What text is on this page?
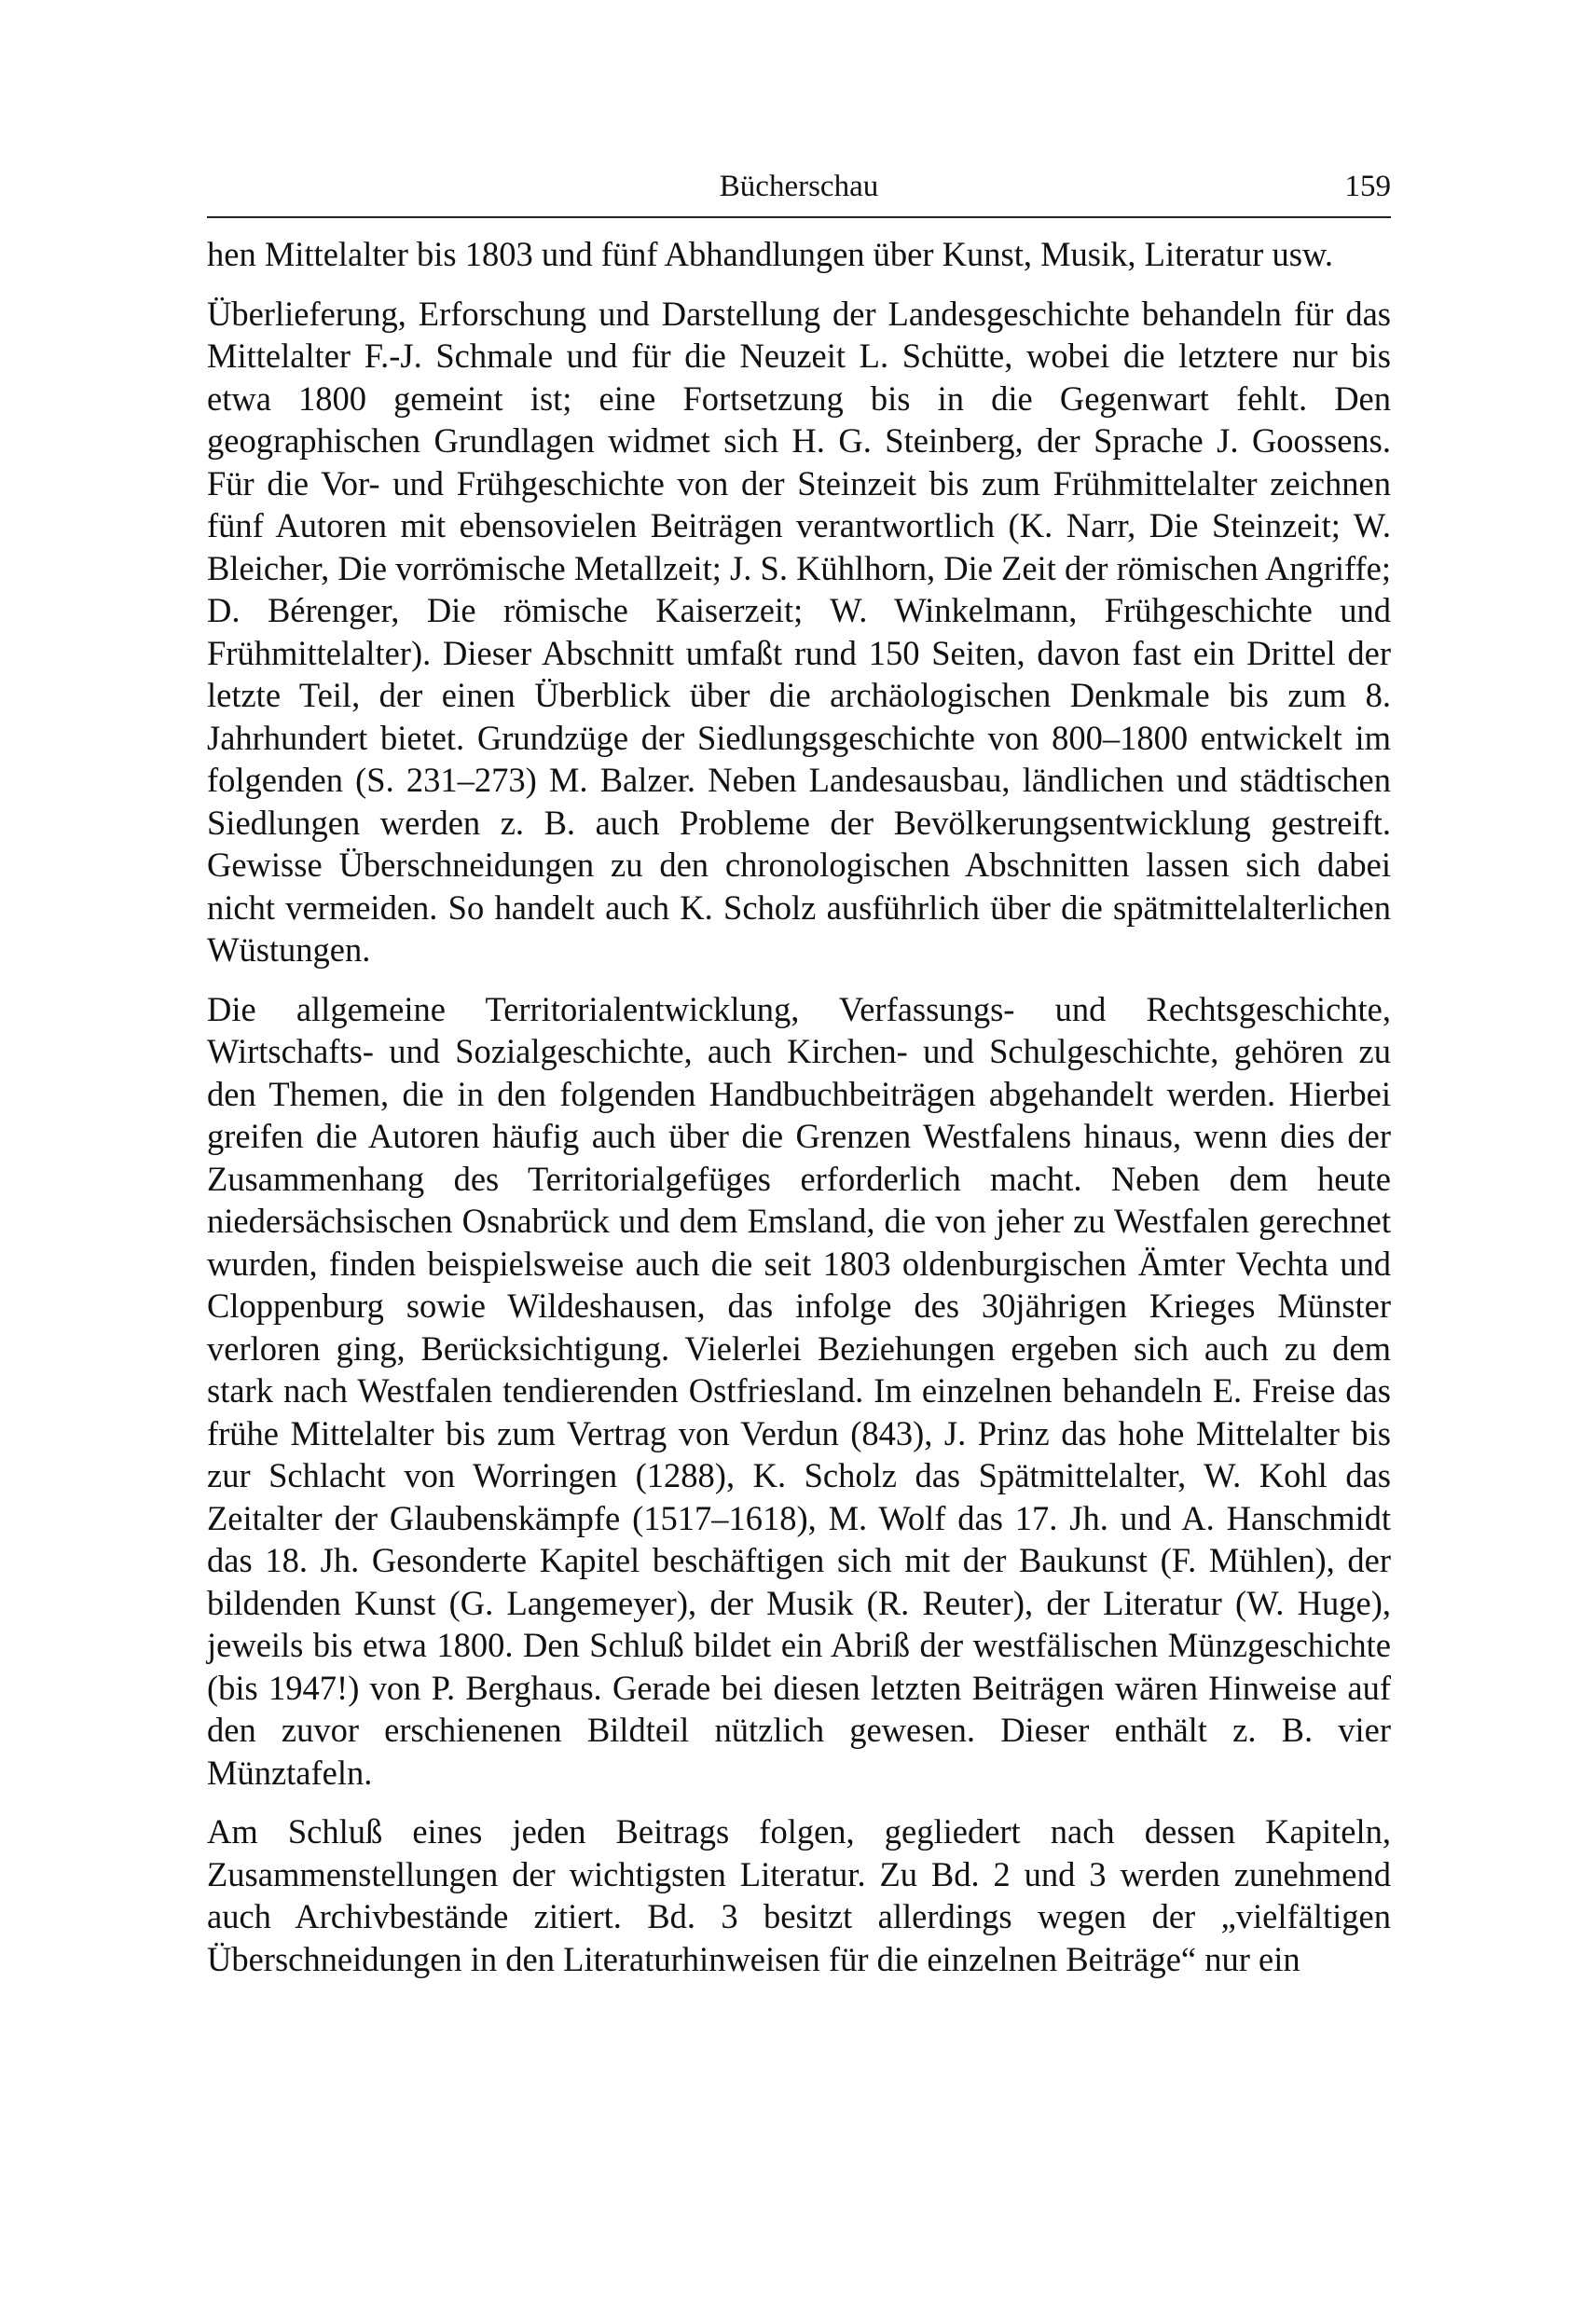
Bücherschau	159

hen Mittelalter bis 1803 und fünf Abhandlungen über Kunst, Musik, Literatur usw.

Überlieferung, Erforschung und Darstellung der Landesgeschichte behandeln für das Mittelalter F.-J. Schmale und für die Neuzeit L. Schütte, wobei die letztere nur bis etwa 1800 gemeint ist; eine Fortsetzung bis in die Gegenwart fehlt. Den geographischen Grundlagen widmet sich H. G. Steinberg, der Sprache J. Goossens. Für die Vor- und Frühgeschichte von der Steinzeit bis zum Frühmittelalter zeichnen fünf Autoren mit ebensovielen Beiträgen verantwortlich (K. Narr, Die Steinzeit; W. Bleicher, Die vorrömische Metallzeit; J. S. Kühlhorn, Die Zeit der römischen Angriffe; D. Bérenger, Die römische Kaiserzeit; W. Winkelmann, Frühgeschichte und Frühmittelalter). Dieser Abschnitt umfaßt rund 150 Seiten, davon fast ein Drittel der letzte Teil, der einen Überblick über die archäologischen Denkmale bis zum 8. Jahrhundert bietet. Grundzüge der Siedlungsgeschichte von 800–1800 entwickelt im folgenden (S. 231–273) M. Balzer. Neben Landesausbau, ländlichen und städtischen Siedlungen werden z. B. auch Probleme der Bevölkerungsentwicklung gestreift. Gewisse Überschneidungen zu den chronologischen Abschnitten lassen sich dabei nicht vermeiden. So handelt auch K. Scholz ausführlich über die spätmittelalterlichen Wüstungen.

Die allgemeine Territorialentwicklung, Verfassungs- und Rechtsgeschichte, Wirtschafts- und Sozialgeschichte, auch Kirchen- und Schulgeschichte, gehören zu den Themen, die in den folgenden Handbuchbeiträgen abgehandelt werden. Hierbei greifen die Autoren häufig auch über die Grenzen Westfalens hinaus, wenn dies der Zusammenhang des Territorialgefüges erforderlich macht. Neben dem heute niedersächsischen Osnabrück und dem Emsland, die von jeher zu Westfalen gerechnet wurden, finden beispielsweise auch die seit 1803 oldenburgischen Ämter Vechta und Cloppenburg sowie Wildeshausen, das infolge des 30jährigen Krieges Münster verloren ging, Berücksichtigung. Vielerlei Beziehungen ergeben sich auch zu dem stark nach Westfalen tendierenden Ostfriesland. Im einzelnen behandeln E. Freise das frühe Mittelalter bis zum Vertrag von Verdun (843), J. Prinz das hohe Mittelalter bis zur Schlacht von Worringen (1288), K. Scholz das Spätmittelalter, W. Kohl das Zeitalter der Glaubenskämpfe (1517–1618), M. Wolf das 17. Jh. und A. Hanschmidt das 18. Jh. Gesonderte Kapitel beschäftigen sich mit der Baukunst (F. Mühlen), der bildenden Kunst (G. Langemeyer), der Musik (R. Reuter), der Literatur (W. Huge), jeweils bis etwa 1800. Den Schluß bildet ein Abriß der westfälischen Münzgeschichte (bis 1947!) von P. Berghaus. Gerade bei diesen letzten Beiträgen wären Hinweise auf den zuvor erschienenen Bildteil nützlich gewesen. Dieser enthält z. B. vier Münztafeln.

Am Schluß eines jeden Beitrags folgen, gegliedert nach dessen Kapiteln, Zusammenstellungen der wichtigsten Literatur. Zu Bd. 2 und 3 werden zunehmend auch Archivbestände zitiert. Bd. 3 besitzt allerdings wegen der „vielfältigen Überschneidungen in den Literaturhinweisen für die einzelnen Beiträge“ nur ein
